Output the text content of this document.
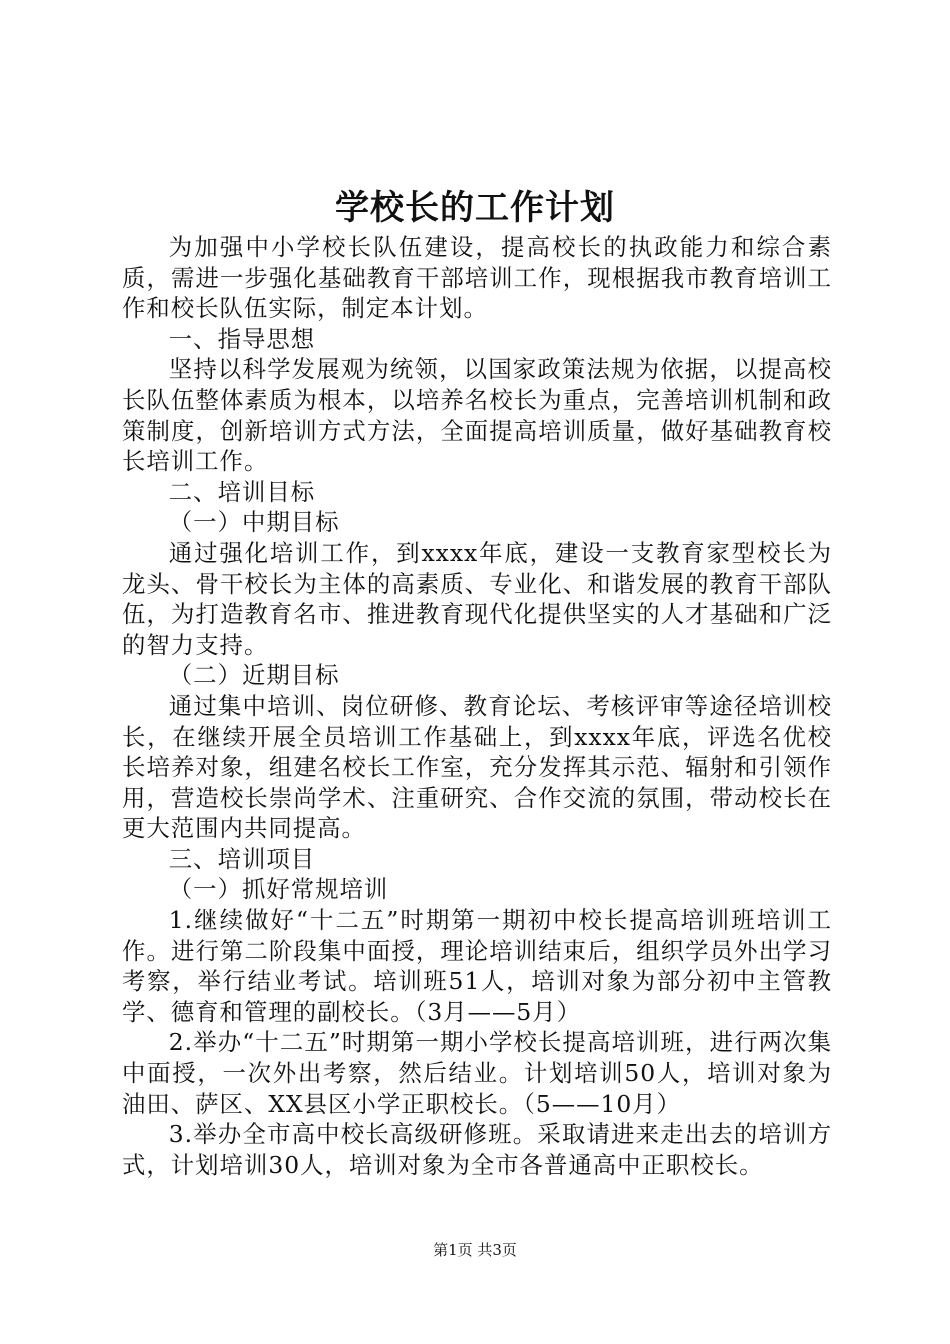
学校长的工作计划

为加强中小学校长队伍建设，提高校长的执政能力和综合素质，需进一步强化基础教育干部培训工作，现根据我市教育培训工作和校长队伍实际，制定本计划。

一、指导思想

坚持以科学发展观为统领，以国家政策法规为依据，以提高校长队伍整体素质为根本，以培养名校长为重点，完善培训机制和政策制度，创新培训方式方法，全面提高培训质量，做好基础教育校长培训工作。

二、培训目标

（一）中期目标

通过强化培训工作，到xxxx年底，建设一支教育家型校长为龙头、骨干校长为主体的高素质、专业化、和谐发展的教育干部队伍，为打造教育名市、推进教育现代化提供坚实的人才基础和广泛的智力支持。

（二）近期目标

通过集中培训、岗位研修、教育论坛、考核评审等途径培训校长，在继续开展全员培训工作基础上，到xxxx年底，评选名优校长培养对象，组建名校长工作室，充分发挥其示范、辐射和引领作用，营造校长崇尚学术、注重研究、合作交流的氛围，带动校长在更大范围内共同提高。

三、培训项目

（一）抓好常规培训

1.继续做好“十二五”时期第一期初中校长提高培训班培训工作。进行第二阶段集中面授，理论培训结束后，组织学员外出学习考察，举行结业考试。培训班51人，培训对象为部分初中主管教学、德育和管理的副校长。（3月——5月）

2.举办“十二五”时期第一期小学校长提高培训班，进行两次集中面授，一次外出考察，然后结业。计划培训50人，培训对象为油田、萨区、XX县区小学正职校长。（5——10月）

3.举办全市高中校长高级研修班。采取请进来走出去的培训方式，计划培训30人，培训对象为全市各普通高中正职校长。

第1页 共3页
